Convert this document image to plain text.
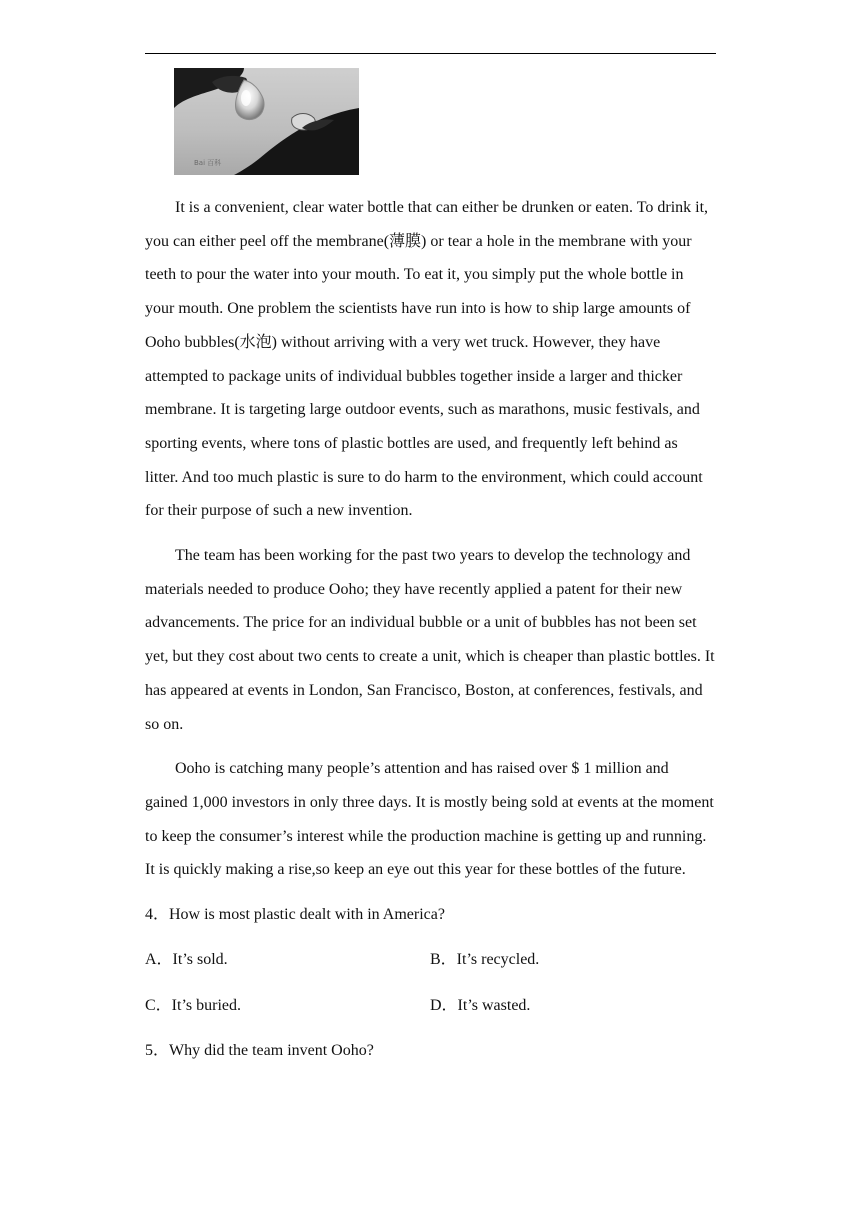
Bai 百科

It is a convenient, clear water bottle that can either be drunken or eaten. To drink it, you can either peel off the membrane(薄膜) or tear a hole in the membrane with your teeth to pour the water into your mouth. To eat it, you simply put the whole bottle in your mouth. One problem the scientists have run into is how to ship large amounts of Ooho bubbles(水泡) without arriving with a very wet truck. However, they have attempted to package units of individual bubbles together inside a larger and thicker membrane. It is targeting large outdoor events, such as marathons, music festivals, and sporting events, where tons of plastic bottles are used, and frequently left behind as litter. And too much plastic is sure to do harm to the environment, which could account for their purpose of such a new invention.

The team has been working for the past two years to develop the technology and materials needed to produce Ooho; they have recently applied a patent for their new advancements. The price for an individual bubble or a unit of bubbles has not been set yet, but they cost about two cents to create a unit, which is cheaper than plastic bottles. It has appeared at events in London, San Francisco, Boston, at conferences, festivals, and so on.

Ooho is catching many people’s attention and has raised over $ 1 million and gained 1,000 investors in only three days. It is mostly being sold at events at the moment to keep the consumer’s interest while the production machine is getting up and running. It is quickly making a rise,so keep an eye out this year for these bottles of the future.

4．How is most plastic dealt with in America?
A．It’s sold.	B．It’s recycled.
C．It’s buried.	D．It’s wasted.
5．Why did the team invent Ooho?
